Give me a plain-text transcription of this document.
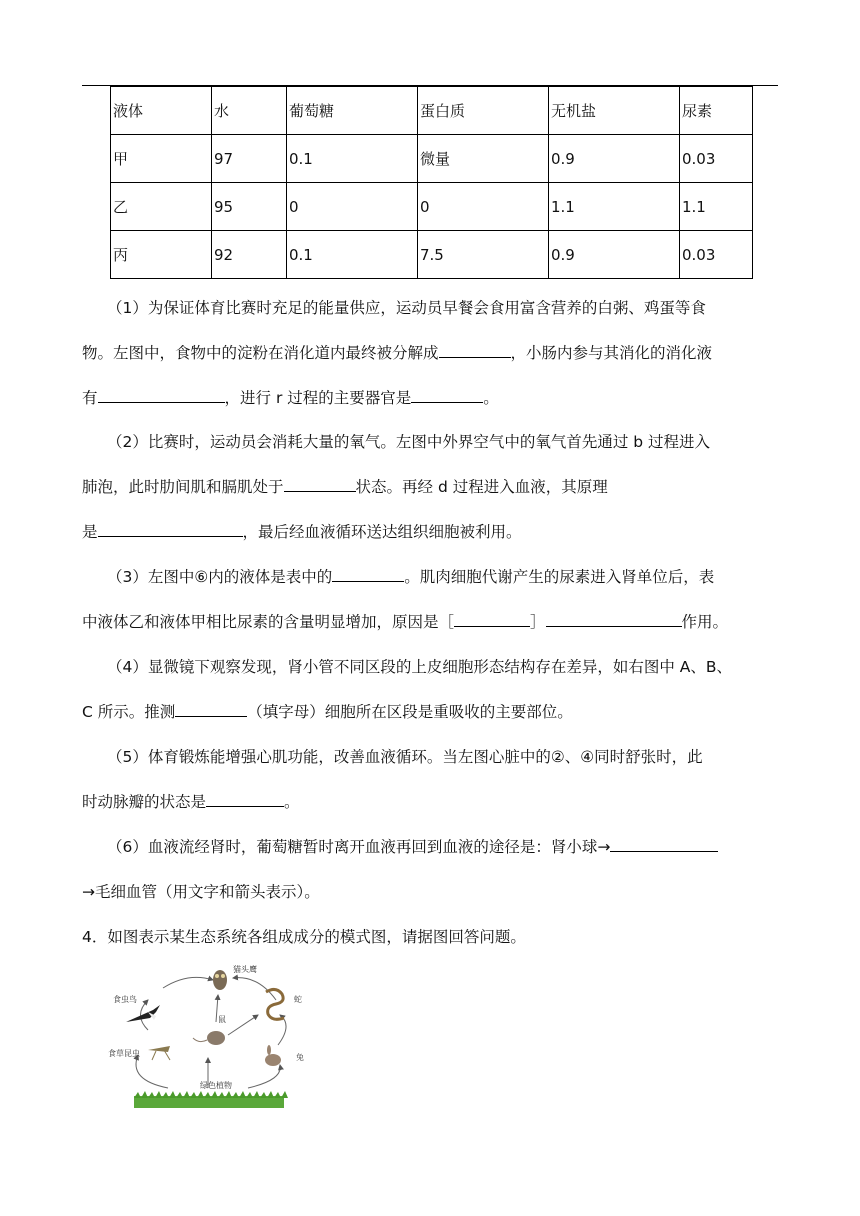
液体	水	葡萄糖	蛋白质	无机盐	尿素
甲	97	0.1	微量	0.9	0.03
乙	95	0	0	1.1	1.1
丙	92	0.1	7.5	0.9	0.03
（1）为保证体育比赛时充足的能量供应，运动员早餐会食用富含营养的白粥、鸡蛋等食
物。左图中，食物中的淀粉在消化道内最终被分解成	，小肠内参与其消化的消化液
有	，进行 r 过程的主要器官是	。
（2）比赛时，运动员会消耗大量的氧气。左图中外界空气中的氧气首先通过 b 过程进入
肺泡，此时肋间肌和膈肌处于	状态。再经 d 过程进入血液，其原理
是	，最后经血液循环送达组织细胞被利用。
（3）左图中⑥内的液体是表中的	。肌肉细胞代谢产生的尿素进入肾单位后，表
中液体乙和液体甲相比尿素的含量明显增加，原因是［	］	作用。
（4）显微镜下观察发现，肾小管不同区段的上皮细胞形态结构存在差异，如右图中 A、B、
C 所示。推测	（填字母）细胞所在区段是重吸收的主要部位。
（5）体育锻炼能增强心肌功能，改善血液循环。当左图心脏中的②、④同时舒张时，此
时动脉瓣的状态是	。
（6）血液流经肾时，葡萄糖暂时离开血液再回到血液的途径是：肾小球→
→毛细血管（用文字和箭头表示）。
4．如图表示某生态系统各组成成分的模式图，请据图回答问题。
猫头鹰
蛇
食虫鸟
鼠
食草昆虫	兔
绿色植物
